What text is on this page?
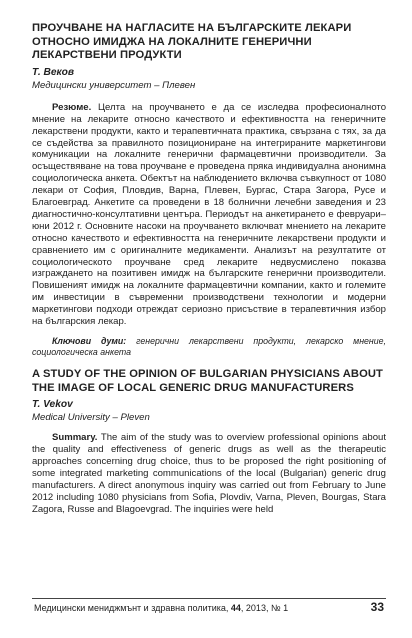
ПРОУЧВАНЕ НА НАГЛАСИТЕ НА БЪЛГАРСКИТЕ ЛЕКАРИ ОТНОСНО ИМИДЖА НА ЛОКАЛНИТЕ ГЕНЕРИЧНИ ЛЕКАРСТВЕНИ ПРОДУКТИ
Т. Веков
Медицински университет – Плевен

Резюме. Целта на проучването е да се изследва професионалното мнение на лекарите относно качеството и ефективността на генеричните лекарствени продукти, както и терапевтичната практика, свързана с тях, за да се съдейства за правилното позициониране на интегрираните маркетингови комуникации на локалните генерични фармацевтични производители. За осъществяване на това проучване е проведена пряка индивидуална анонимна социологическа анкета. Обектът на наблюдението включва съвкупност от 1080 лекари от София, Пловдив, Варна, Плевен, Бургас, Стара Загора, Русе и Благоевград. Анкетите са проведени в 18 болнични лечебни заведения и 23 диагностично-консултативни центъра. Периодът на анкетирането е февруари–юни 2012 г. Основните насоки на проучването включват мнението на лекарите относно качеството и ефективността на генеричните лекарствени продукти и сравнението им с оригиналните медикаменти. Анализът на резултатите от социологическото проучване сред лекарите недвусмислено показва изграждането на позитивен имидж на българските генерични производители. Повишеният имидж на локалните фармацевтични компании, както и големите им инвестиции в съвременни производствени технологии и модерни маркетингови подходи отреждат сериозно присъствие в терапевтичния избор на българския лекар.

Ключови думи: генерични лекарствени продукти, лекарско мнение, социологическа анкета

A STUDY OF THE OPINION OF BULGARIAN PHYSICIANS ABOUT THE IMAGE OF LOCAL GENERIC DRUG MANUFACTURERS
T. Vekov
Medical University – Pleven

Summary. The aim of the study was to overview professional opinions about the quality and effectiveness of generic drugs as well as the therapeutic approaches concerning drug choice, thus to be proposed the right positioning of some integrated marketing communications of the local (Bulgarian) generic drug manufacturers. A direct anonymous inquiry was carried out from February to June 2012 including 1080 physicians from Sofia, Plovdiv, Varna, Pleven, Bourgas, Stara Zagora, Russe and Blagoevgrad. The inquiries were held

Медицински мениджмънт и здравна политика, 44, 2013, № 1	33
